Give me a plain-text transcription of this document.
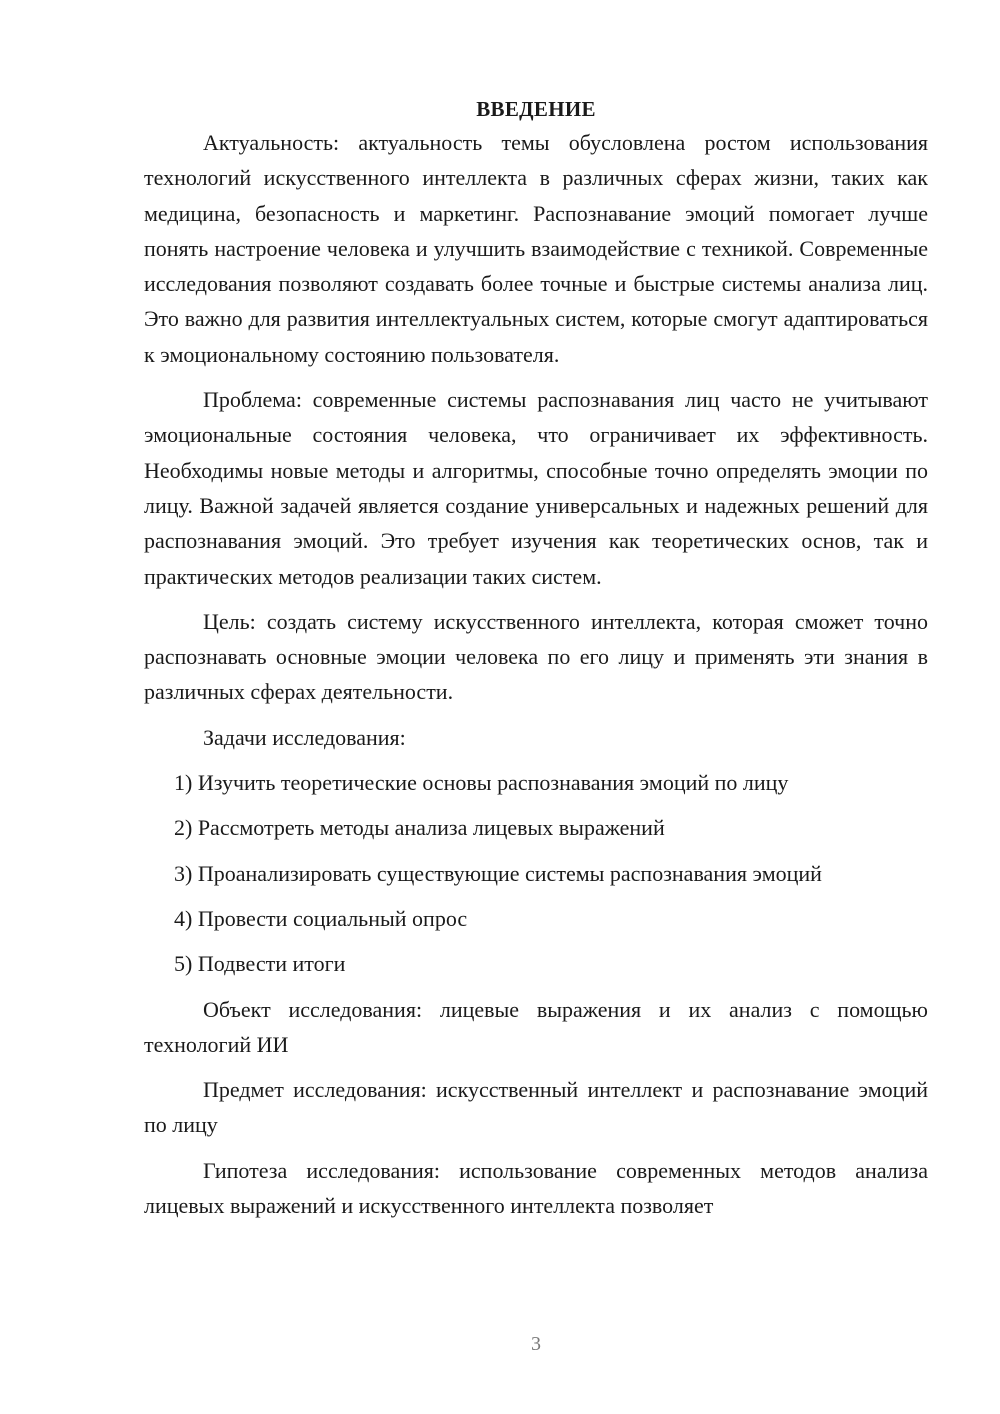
ВВЕДЕНИЕ

Актуальность: актуальность темы обусловлена ростом использования технологий искусственного интеллекта в различных сферах жизни, таких как медицина, безопасность и маркетинг. Распознавание эмоций помогает лучше понять настроение человека и улучшить взаимодействие с техникой. Современные исследования позволяют создавать более точные и быстрые системы анализа лиц. Это важно для развития интеллектуальных систем, которые смогут адаптироваться к эмоциональному состоянию пользователя.

Проблема: современные системы распознавания лиц часто не учитывают эмоциональные состояния человека, что ограничивает их эффективность. Необходимы новые методы и алгоритмы, способные точно определять эмоции по лицу. Важной задачей является создание универсальных и надежных решений для распознавания эмоций. Это требует изучения как теоретических основ, так и практических методов реализации таких систем.

Цель: создать систему искусственного интеллекта, которая сможет точно распознавать основные эмоции человека по его лицу и применять эти знания в различных сферах деятельности.

Задачи исследования:

1) Изучить теоретические основы распознавания эмоций по лицу

2) Рассмотреть методы анализа лицевых выражений

3) Проанализировать существующие системы распознавания эмоций

4) Провести социальный опрос

5) Подвести итоги

Объект исследования: лицевые выражения и их анализ с помощью технологий ИИ

Предмет исследования: искусственный интеллект и распознавание эмоций по лицу

Гипотеза исследования: использование современных методов анализа лицевых выражений и искусственного интеллекта позволяет

3
